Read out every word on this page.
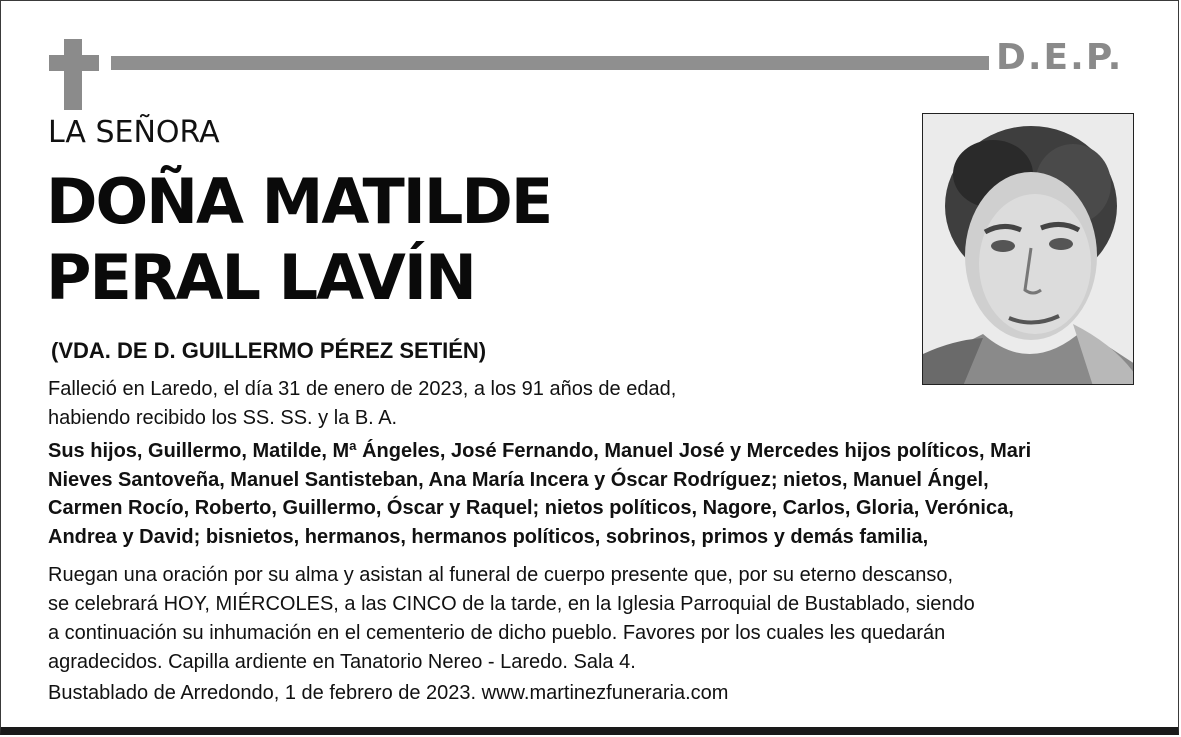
D.E.P.
LA SEÑORA
DOÑA MATILDE
PERAL LAVÍN
(VDA. DE D. GUILLERMO PÉREZ SETIÉN)
Falleció en Laredo, el día 31 de enero de 2023, a los 91 años de edad,
habiendo recibido los SS. SS. y la B. A.
Sus hijos, Guillermo, Matilde, Mª Ángeles, José Fernando, Manuel José y Mercedes hijos políticos, Mari
Nieves Santoveña, Manuel Santisteban, Ana María Incera y Óscar Rodríguez; nietos, Manuel Ángel,
Carmen Rocío, Roberto, Guillermo, Óscar y Raquel; nietos políticos, Nagore, Carlos, Gloria, Verónica,
Andrea y David; bisnietos, hermanos, hermanos políticos, sobrinos, primos y demás familia,
Ruegan una oración por su alma y asistan al funeral de cuerpo presente que, por su eterno descanso,
se celebrará HOY, MIÉRCOLES, a las CINCO de la tarde, en la Iglesia Parroquial de Bustablado, siendo
a continuación su inhumación en el cementerio de dicho pueblo. Favores por los cuales les quedarán
agradecidos. Capilla ardiente en Tanatorio Nereo - Laredo. Sala 4.
Bustablado de Arredondo, 1 de febrero de 2023. www.martinezfuneraria.com
